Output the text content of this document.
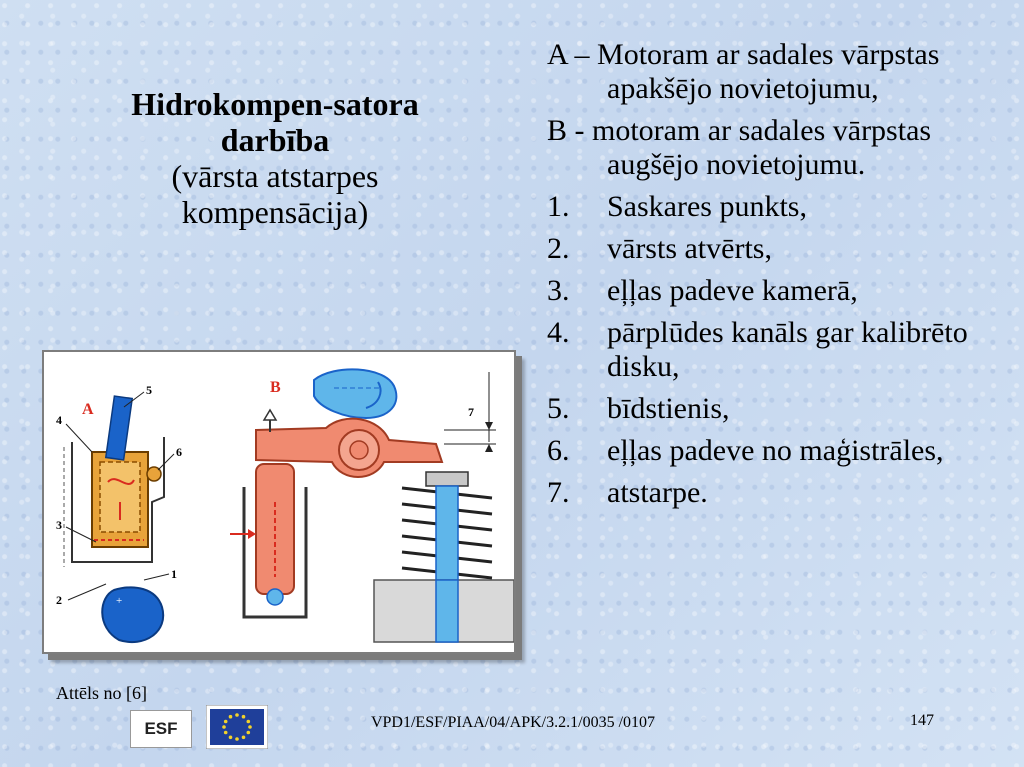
Hidrokompen-satora darbība
(vārsta atstarpes kompensācija)
A – Motoram ar sadales vārpstas apakšējo novietojumu,
B - motoram ar sadales vārpstas augšējo novietojumu.
1. Saskares punkts,
2. vārsts atvērts,
3. eļļas padeve kamerā,
4. pārplūdes kanāls gar kalibrēto disku,
5. bīdstienis,
6. eļļas padeve no maģistrāles,
7. atstarpe.
+
A
5
4
6
3
1
2
B
7
Attēls no [6]
ESF	VPD1/ESF/PIAA/04/APK/3.2.1/0035 /0107	147
